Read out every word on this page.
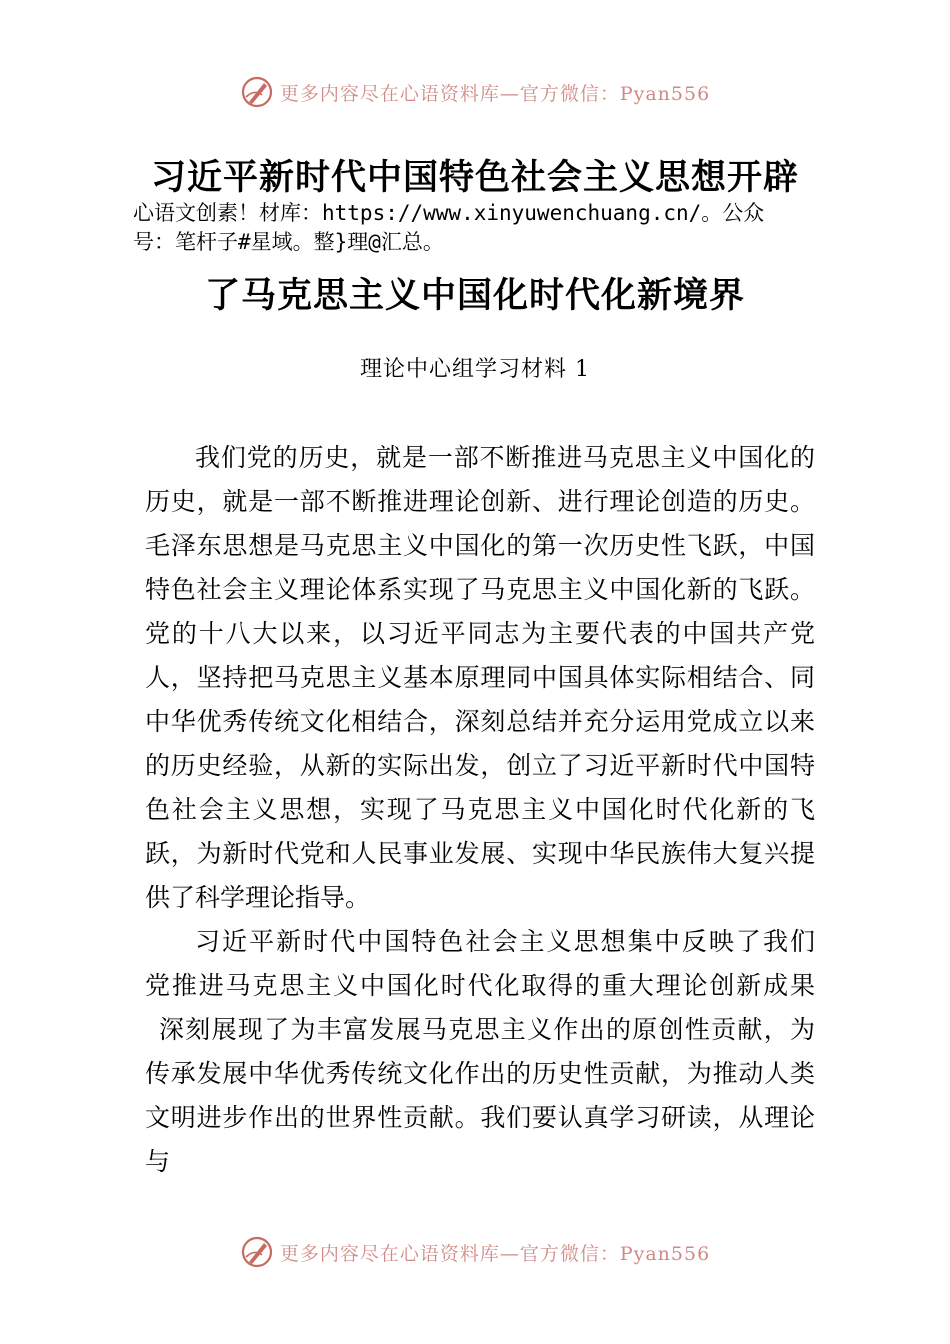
更多内容尽在心语资料库—官方微信：Pyan556
习近平新时代中国特色社会主义思想开辟
心语文创素！材库：https://www.xinyuwenchuang.cn/。公众
号：笔杆子#星域。整}理@汇总。
了马克思主义中国化时代化新境界
理论中心组学习材料 1
我们党的历史，就是一部不断推进马克思主义中国化的
历史，就是一部不断推进理论创新、进行理论创造的历史。
毛泽东思想是马克思主义中国化的第一次历史性飞跃，中国
特色社会主义理论体系实现了马克思主义中国化新的飞跃。
党的十八大以来，以习近平同志为主要代表的中国共产党
人，坚持把马克思主义基本原理同中国具体实际相结合、同
中华优秀传统文化相结合，深刻总结并充分运用党成立以来
的历史经验，从新的实际出发，创立了习近平新时代中国特
色社会主义思想，实现了马克思主义中国化时代化新的飞
跃，为新时代党和人民事业发展、实现中华民族伟大复兴提
供了科学理论指导。
习近平新时代中国特色社会主义思想集中反映了我们
党推进马克思主义中国化时代化取得的重大理论创新成果
深刻展现了为丰富发展马克思主义作出的原创性贡献，为
传承发展中华优秀传统文化作出的历史性贡献，为推动人类
文明进步作出的世界性贡献。我们要认真学习研读，从理论
与
更多内容尽在心语资料库—官方微信：Pyan556
